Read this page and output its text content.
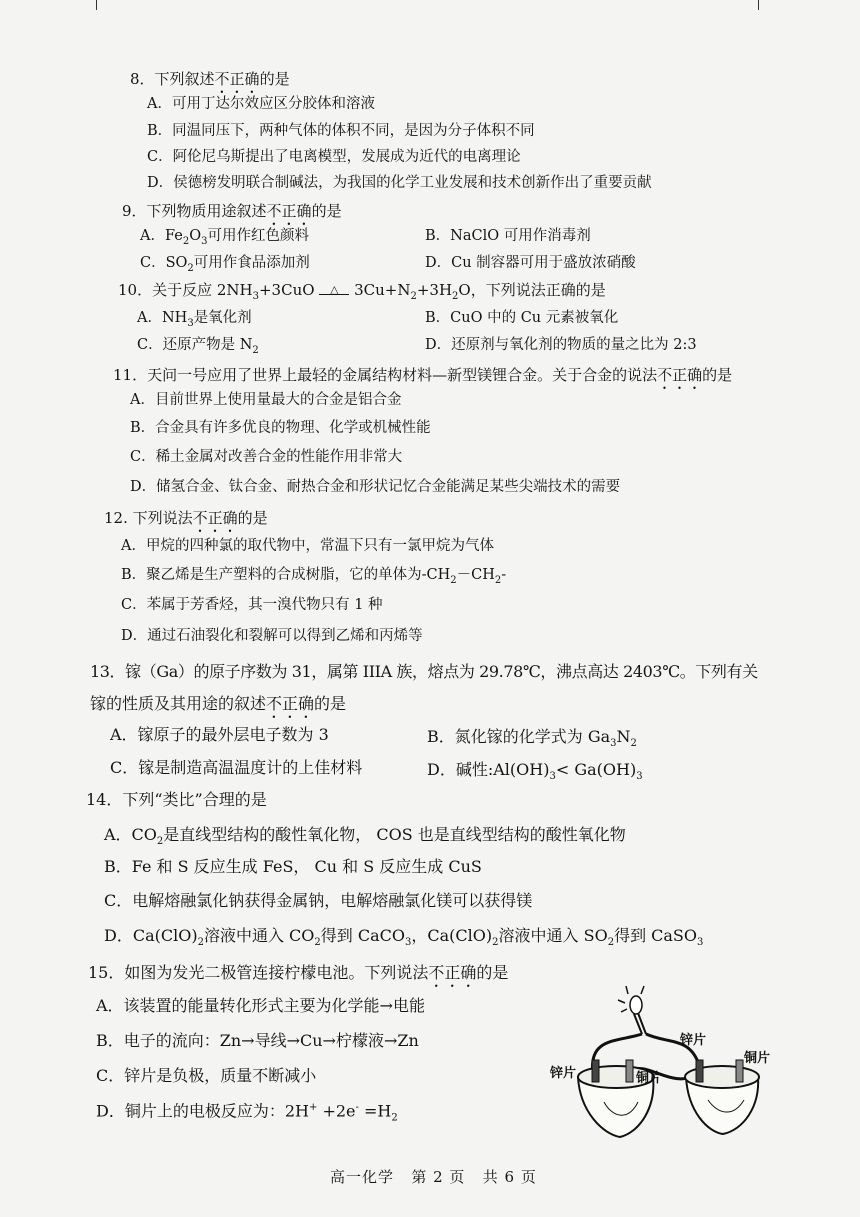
8．下列叙述不正确的是
A．可用丁达尔效应区分胶体和溶液
B．同温同压下，两种气体的体积不同，是因为分子体积不同
C．阿伦尼乌斯提出了电离模型，发展成为近代的电离理论
D．侯德榜发明联合制碱法，为我国的化学工业发展和技术创新作出了重要贡献
9．下列物质用途叙述不正确的是
A．$Fe_2O_3$可用作红色颜料	B．NaClO 可用作消毒剂
C．$SO_2$可用作食品添加剂	D．Cu 制容器可用于盛放浓硝酸
10．关于反应 $2NH_3+3CuO$ △ $3Cu+N_2+3H_2O$，下列说法正确的是
A．$NH_3$是氧化剂	B．CuO 中的 Cu 元素被氧化
C．还原产物是 $N_2$	D．还原剂与氧化剂的物质的量之比为 2:3
11．天问一号应用了世界上最轻的金属结构材料—新型镁锂合金。关于合金的说法不正确的是
A．目前世界上使用量最大的合金是铝合金
B．合金具有许多优良的物理、化学或机械性能
C．稀土金属对改善合金的性能作用非常大
D．储氢合金、钛合金、耐热合金和形状记忆合金能满足某些尖端技术的需要
12. 下列说法不正确的是
A．甲烷的四种氯的取代物中，常温下只有一氯甲烷为气体
B．聚乙烯是生产塑料的合成树脂，它的单体为$-CH_2-CH_2-$
C．苯属于芳香烃，其一溴代物只有 1 种
D．通过石油裂化和裂解可以得到乙烯和丙烯等
13．镓（Ga）的原子序数为 31，属第 IIIA 族，熔点为 29.78℃，沸点高达 2403℃。下列有关
镓的性质及其用途的叙述不正确的是
A．镓原子的最外层电子数为 3	B．氮化镓的化学式为 $Ga_3N_2$
C．镓是制造高温温度计的上佳材料	D．碱性$:Al(OH)_3< Ga(OH)_3$
14．下列“类比”合理的是
A．$CO_2$是直线型结构的酸性氧化物， COS 也是直线型结构的酸性氧化物
B．Fe 和 S 反应生成 FeS， Cu 和 S 反应生成 CuS
C．电解熔融氯化钠获得金属钠，电解熔融氯化镁可以获得镁
D．$Ca(ClO)_2$溶液中通入 $CO_2$得到 CaCO$_3$，$Ca(ClO)_2$溶液中通入 $SO_2$得到 CaSO$_3$
15．如图为发光二极管连接柠檬电池。下列说法不正确的是
A．该装置的能量转化形式主要为化学能→电能
B．电子的流向：Zn→导线→Cu→柠檬液→Zn
C．锌片是负极，质量不断减小
D．铜片上的电极反应为：$2H^+ +2e^- =H_2$
锌片	铜片
锌片
铜片
高一化学 第 2 页 共 6 页
